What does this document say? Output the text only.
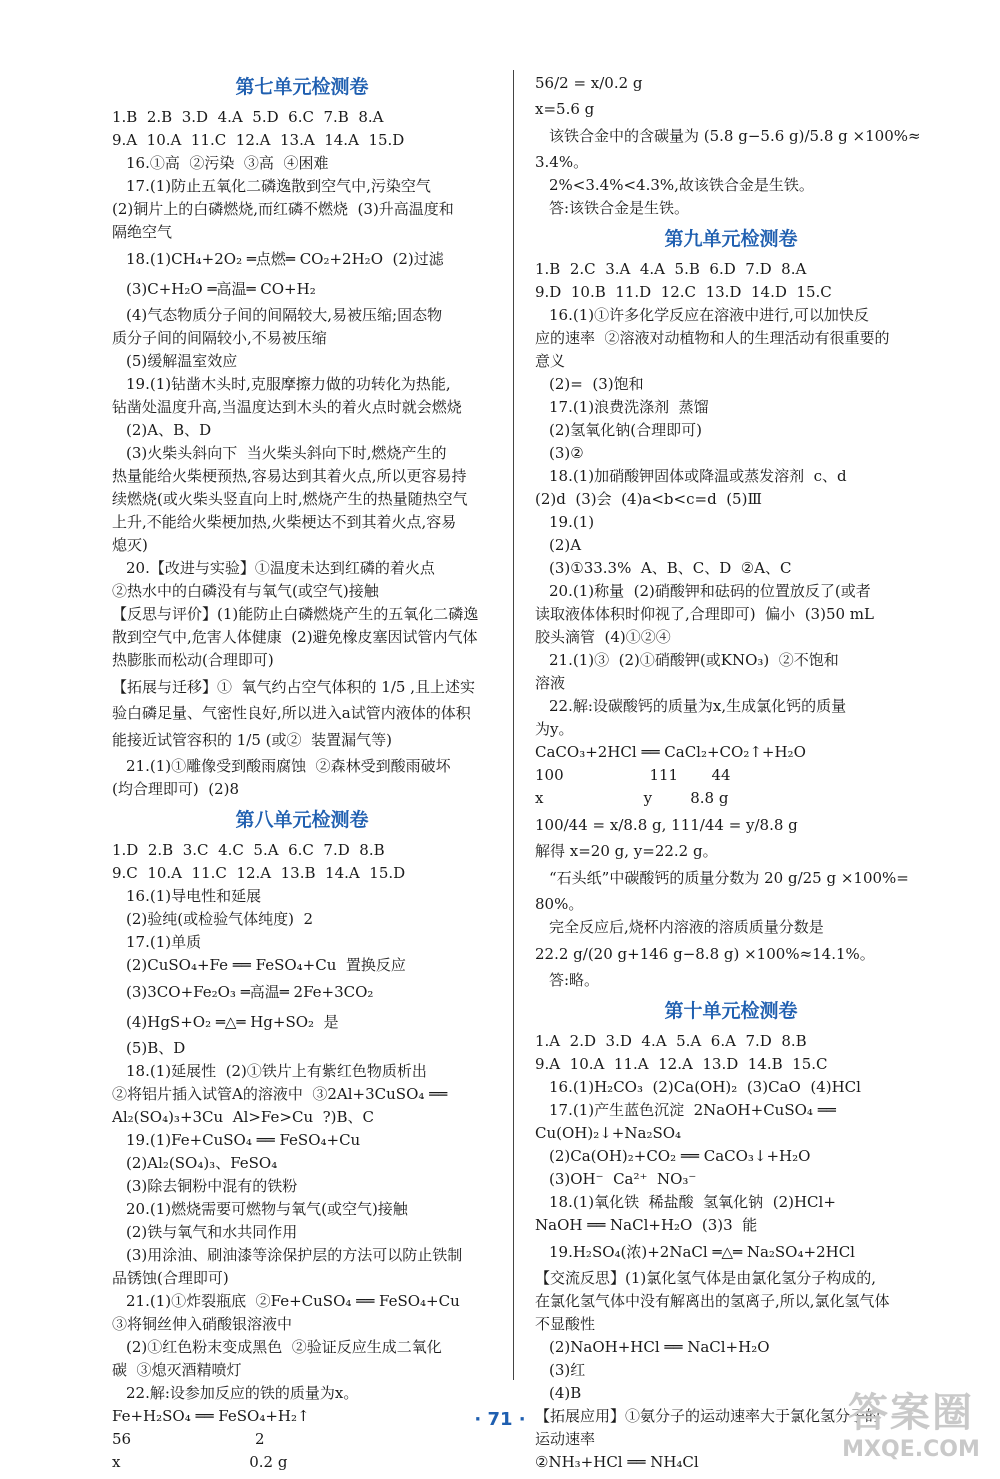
第七单元检测卷
1.B  2.B  3.D  4.A  5.D  6.C  7.B  8.A
9.A  10.A  11.C  12.A  13.A  14.A  15.D
16.①高  ②污染  ③高  ④困难
17.(1)防止五氧化二磷逸散到空气中,污染空气
(2)铜片上的白磷燃烧,而红磷不燃烧  (3)升高温度和
隔绝空气
18.(1)CH₄+2O₂ ═点燃═ CO₂+2H₂O  (2)过滤
(3)C+H₂O ═高温═ CO+H₂
(4)气态物质分子间的间隔较大,易被压缩;固态物
质分子间的间隔较小,不易被压缩
(5)缓解温室效应
19.(1)钻凿木头时,克服摩擦力做的功转化为热能,
钻凿处温度升高,当温度达到木头的着火点时就会燃烧
(2)A、B、D
(3)火柴头斜向下  当火柴头斜向下时,燃烧产生的
热量能给火柴梗预热,容易达到其着火点,所以更容易持
续燃烧(或火柴头竖直向上时,燃烧产生的热量随热空气
上升,不能给火柴梗加热,火柴梗达不到其着火点,容易
熄灭)
20.【改进与实验】①温度未达到红磷的着火点
②热水中的白磷没有与氧气(或空气)接触
【反思与评价】(1)能防止白磷燃烧产生的五氧化二磷逸
散到空气中,危害人体健康  (2)避免橡皮塞因试管内气体
热膨胀而松动(合理即可)
【拓展与迁移】①  氧气约占空气体积的 1/5 ,且上述实
验白磷足量、气密性良好,所以进入a试管内液体的体积
能接近试管容积的 1/5 (或②  装置漏气等)
21.(1)①雕像受到酸雨腐蚀  ②森林受到酸雨破坏
(均合理即可)  (2)8
第八单元检测卷
1.D  2.B  3.C  4.C  5.A  6.C  7.D  8.B
9.C  10.A  11.C  12.A  13.B  14.A  15.D
16.(1)导电性和延展
(2)验纯(或检验气体纯度)  2
17.(1)单质
(2)CuSO₄+Fe ══ FeSO₄+Cu  置换反应
(3)3CO+Fe₂O₃ ═高温═ 2Fe+3CO₂
(4)HgS+O₂ ═△═ Hg+SO₂  是
(5)B、D
18.(1)延展性  (2)①铁片上有紫红色物质析出
②将铝片插入试管A的溶液中  ③2Al+3CuSO₄ ══
Al₂(SO₄)₃+3Cu  Al>Fe>Cu  ?)B、C
19.(1)Fe+CuSO₄ ══ FeSO₄+Cu
(2)Al₂(SO₄)₃、FeSO₄
(3)除去铜粉中混有的铁粉
20.(1)燃烧需要可燃物与氧气(或空气)接触
(2)铁与氧气和水共同作用
(3)用涂油、刷油漆等涂保护层的方法可以防止铁制
品锈蚀(合理即可)
21.(1)①炸裂瓶底  ②Fe+CuSO₄ ══ FeSO₄+Cu
③将铜丝伸入硝酸银溶液中
(2)①红色粉末变成黑色  ②验证反应生成二氧化
碳  ③熄灭酒精喷灯
22.解:设参加反应的铁的质量为x。
Fe+H₂SO₄ ══ FeSO₄+H₂↑
56                          2
x                           0.2 g
56/2 = x/0.2 g
x=5.6 g
该铁合金中的含碳量为 (5.8 g−5.6 g)/5.8 g ×100%≈
3.4%。
2%<3.4%<4.3%,故该铁合金是生铁。
答:该铁合金是生铁。
第九单元检测卷
1.B  2.C  3.A  4.A  5.B  6.D  7.D  8.A
9.D  10.B  11.D  12.C  13.D  14.D  15.C
16.(1)①许多化学反应在溶液中进行,可以加快反
应的速率  ②溶液对动植物和人的生理活动有很重要的
意义
(2)=  (3)饱和
17.(1)浪费洗涤剂  蒸馏
(2)氢氧化钠(合理即可)
(3)②
18.(1)加硝酸钾固体或降温或蒸发溶剂  c、d
(2)d  (3)会  (4)a<b<c=d  (5)Ⅲ
19.(1)
(2)A
(3)①33.3%  A、B、C、D  ②A、C
20.(1)称量  (2)硝酸钾和砝码的位置放反了(或者
读取液体体积时仰视了,合理即可)  偏小  (3)50 mL
胶头滴管  (4)①②④
21.(1)③  (2)①硝酸钾(或KNO₃)  ②不饱和
溶液
22.解:设碳酸钙的质量为x,生成氯化钙的质量
为y。
CaCO₃+2HCl ══ CaCl₂+CO₂↑+H₂O
100                  111       44
x                     y        8.8 g
100/44 = x/8.8 g, 111/44 = y/8.8 g
解得 x=20 g, y=22.2 g。
“石头纸”中碳酸钙的质量分数为 20 g/25 g ×100%=
80%。
完全反应后,烧杯内溶液的溶质质量分数是
22.2 g/(20 g+146 g−8.8 g) ×100%≈14.1%。
答:略。
第十单元检测卷
1.A  2.D  3.D  4.A  5.A  6.A  7.D  8.B
9.A  10.A  11.A  12.A  13.D  14.B  15.C
16.(1)H₂CO₃  (2)Ca(OH)₂  (3)CaO  (4)HCl
17.(1)产生蓝色沉淀  2NaOH+CuSO₄ ══
Cu(OH)₂↓+Na₂SO₄
(2)Ca(OH)₂+CO₂ ══ CaCO₃↓+H₂O
(3)OH⁻  Ca²⁺  NO₃⁻
18.(1)氧化铁  稀盐酸  氢氧化钠  (2)HCl+
NaOH ══ NaCl+H₂O  (3)3  能
19.H₂SO₄(浓)+2NaCl ═△═ Na₂SO₄+2HCl
【交流反思】(1)氯化氢气体是由氯化氢分子构成的,
在氯化氢气体中没有解离出的氢离子,所以,氯化氢气体
不显酸性
(2)NaOH+HCl ══ NaCl+H₂O
(3)红
(4)B
【拓展应用】①氨分子的运动速率大于氯化氢分子的
运动速率
②NH₃+HCl ══ NH₄Cl
· 71 ·	答案圈
MXQE.COM
